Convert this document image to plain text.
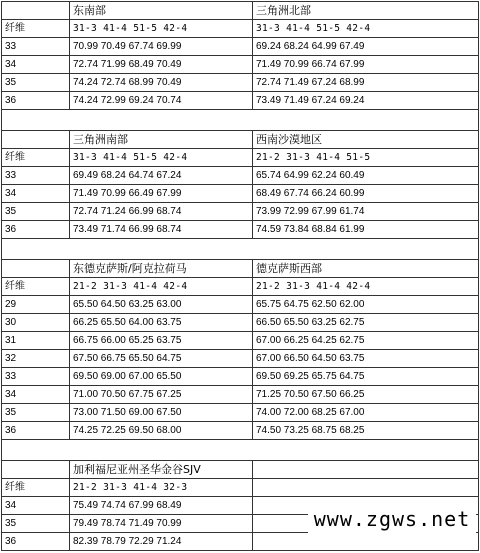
	东南部	三角洲北部
纤维	31-3 41-4 51-5 42-4	31-3 41-4 51-5 42-4
33	70.99 70.49 67.74 69.99	69.24 68.24 64.99 67.49
34	72.74 71.99 68.49 70.49	71.49 70.99 66.74 67.99
35	74.24 72.74 68.99 70.49	72.74 71.49 67.24 68.99
36	74.24 72.99 69.24 70.74	73.49 71.49 67.24 69.24

	三角洲南部	西南沙漠地区
纤维	31-3 41-4 51-5 42-4	21-2 31-3 41-4 51-5
33	69.49 68.24 64.74 67.24	65.74 64.99 62.24 60.49
34	71.49 70.99 66.49 67.99	68.49 67.74 66.24 60.99
35	72.74 71.24 66.99 68.74	73.99 72.99 67.99 61.74
36	73.49 71.74 66.99 68.74	74.59 73.84 68.84 61.99

	东德克萨斯/阿克拉荷马	德克萨斯西部
纤维	21-2 31-3 41-4 42-4	21-2 31-3 41-4 42-4
29	65.50 64.50 63.25 63.00	65.75 64.75 62.50 62.00
30	66.25 65.50 64.00 63.75	66.50 65.50 63.25 62.75
31	66.75 66.00 65.25 63.75	67.00 66.25 64.25 62.75
32	67.50 66.75 65.50 64.75	67.00 66.50 64.50 63.75
33	69.50 69.00 67.00 65.50	69.50 69.25 65.75 64.75
34	71.00 70.50 67.75 67.25	71.25 70.50 67.50 66.25
35	73.00 71.50 69.00 67.50	74.00 72.00 68.25 67.00
36	74.25 72.25 69.50 68.00	74.50 73.25 68.75 68.25

	加利福尼亚州圣华金谷SJV	
纤维	21-2 31-3 41-4 32-3	
34	75.49 74.74 67.99 68.49	
35	79.49 78.74 71.49 70.99	
36	82.39 78.79 72.29 71.24	
www.zgws.net
